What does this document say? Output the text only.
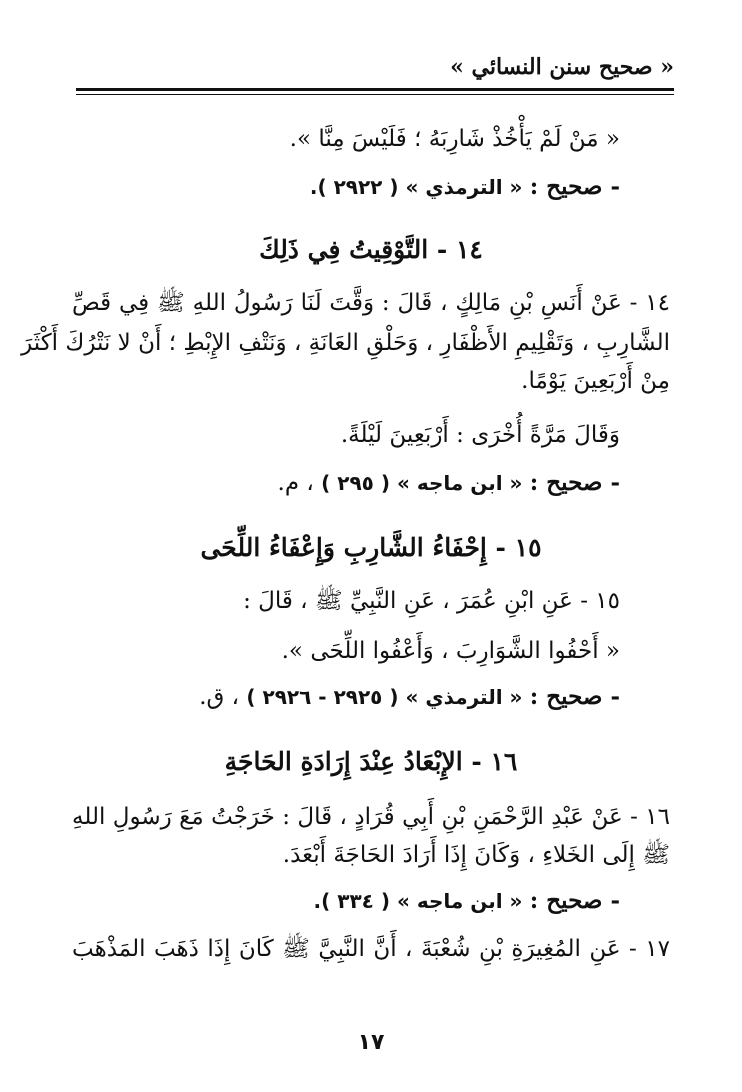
« صحيح سنن النسائي »
« مَنْ لَمْ يَأْخُذْ شَارِبَهُ ؛ فَلَيْسَ مِنَّا ».
- صحيح : « الترمذي » ( ٢٩٢٢ ).
١٤ - التَّوْقِيتُ فِي ذَلِكَ
١٤ - عَنْ أَنَسِ بْنِ مَالِكٍ ، قَالَ : وَقَّتَ لَنَا رَسُولُ اللهِ ﷺ فِي قَصِّ
الشَّارِبِ ، وَتَقْلِيمِ الأَظْفَارِ ، وَحَلْقِ العَانَةِ ، وَنَتْفِ الإِبْطِ ؛ أَنْ لا نَتْرُكَ أَكْثَرَ
مِنْ أَرْبَعِينَ يَوْمًا.
وَقَالَ مَرَّةً أُخْرَى : أَرْبَعِينَ لَيْلَةً.
- صحيح : « ابن ماجه » ( ٢٩٥ ) ، م.
١٥ - إِحْفَاءُ الشَّارِبِ وَإِعْفَاءُ اللِّحَى
١٥ - عَنِ ابْنِ عُمَرَ ، عَنِ النَّبِيِّ ﷺ ، قَالَ :
« أَحْفُوا الشَّوَارِبَ ، وَأَعْفُوا اللِّحَى ».
- صحيح : « الترمذي » ( ٢٩٢٥ - ٢٩٢٦ ) ، ق.
١٦ - الإِبْعَادُ عِنْدَ إِرَادَةِ الحَاجَةِ
١٦ - عَنْ عَبْدِ الرَّحْمَنِ بْنِ أَبِي قُرَادٍ ، قَالَ : خَرَجْتُ مَعَ رَسُولِ اللهِ
ﷺ إِلَى الخَلاءِ ، وَكَانَ إِذَا أَرَادَ الحَاجَةَ أَبْعَدَ.
- صحيح : « ابن ماجه » ( ٣٣٤ ).
١٧ - عَنِ المُغِيرَةِ بْنِ شُعْبَةَ ، أَنَّ النَّبِيَّ ﷺ كَانَ إِذَا ذَهَبَ المَذْهَبَ
١٧
